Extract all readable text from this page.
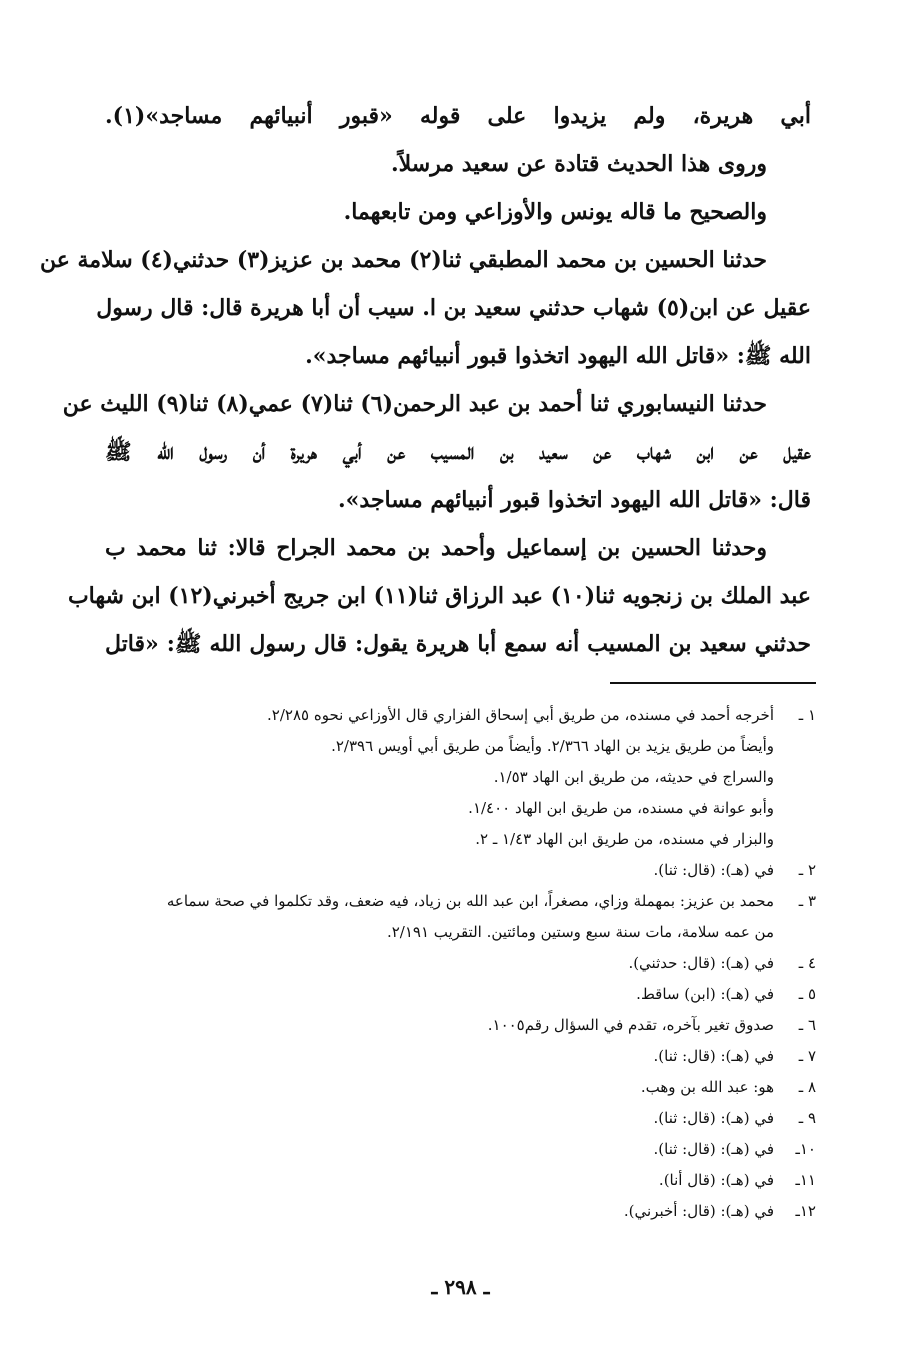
أبي هريرة، ولم يزيدوا على قوله «قبور أنبيائهم مساجد»(١).
وروى هذا الحديث قتادة عن سعيد مرسلاً.
والصحيح ما قاله يونس والأوزاعي ومن تابعهما.
حدثنا الحسين بن محمد المطبقي ثنا(٢) محمد بن عزيز(٣) حدثني(٤) سلامة عن
عقيل عن ابن(٥) شهاب حدثني سعيد بن ا. سيب أن أبا هريرة قال: قال رسول
الله ﷺ: «قاتل الله اليهود اتخذوا قبور أنبيائهم مساجد».
حدثنا النيسابوري ثنا أحمد بن عبد الرحمن(٦) ثنا(٧) عمي(٨) ثنا(٩) الليث عن
عقيل عن ابن شهاب عن سعيد بن المسيب عن أبي هريرة أن رسول الله ﷺ
قال: «قاتل الله اليهود اتخذوا قبور أنبيائهم مساجد».
وحدثنا الحسين بن إسماعيل وأحمد بن محمد الجراح قالا: ثنا محمد ب
عبد الملك بن زنجويه ثنا(١٠) عبد الرزاق ثنا(١١) ابن جريج أخبرني(١٢) ابن شهاب
حدثني سعيد بن المسيب أنه سمع أبا هريرة يقول: قال رسول الله ﷺ: «قاتل
١ ـأخرجه أحمد في مسنده، من طريق أبي إسحاق الفزاري قال الأوزاعي نحوه ٢/٢٨٥.
وأيضاً من طريق يزيد بن الهاد ٢/٣٦٦. وأيضاً من طريق أبي أويس ٢/٣٩٦.
والسراج في حديثه، من طريق ابن الهاد ١/٥٣.
وأبو عوانة في مسنده، من طريق ابن الهاد ١/٤٠٠.
والبزار في مسنده، من طريق ابن الهاد ١/٤٣ ـ ٢.
٢ ـفي (هـ): (قال: ثنا).
٣ ـمحمد بن عزيز: بمهملة وزاي، مصغراً، ابن عبد الله بن زياد، فيه ضعف، وقد تكلموا في صحة سماعه
من عمه سلامة، مات سنة سبع وستين ومائتين. التقريب ٢/١٩١.
٤ ـفي (هـ): (قال: حدثني).
٥ ـفي (هـ): (ابن) ساقط.
٦ ـصدوق تغير بآخره، تقدم في السؤال رقم١٠٠٥.
٧ ـفي (هـ): (قال: ثنا).
٨ ـهو: عبد الله بن وهب.
٩ ـفي (هـ): (قال: ثنا).
١٠ـفي (هـ): (قال: ثنا).
١١ـفي (هـ): (قال أنا).
١٢ـفي (هـ): (قال: أخبرني).
ـ ٢٩٨ ـ
